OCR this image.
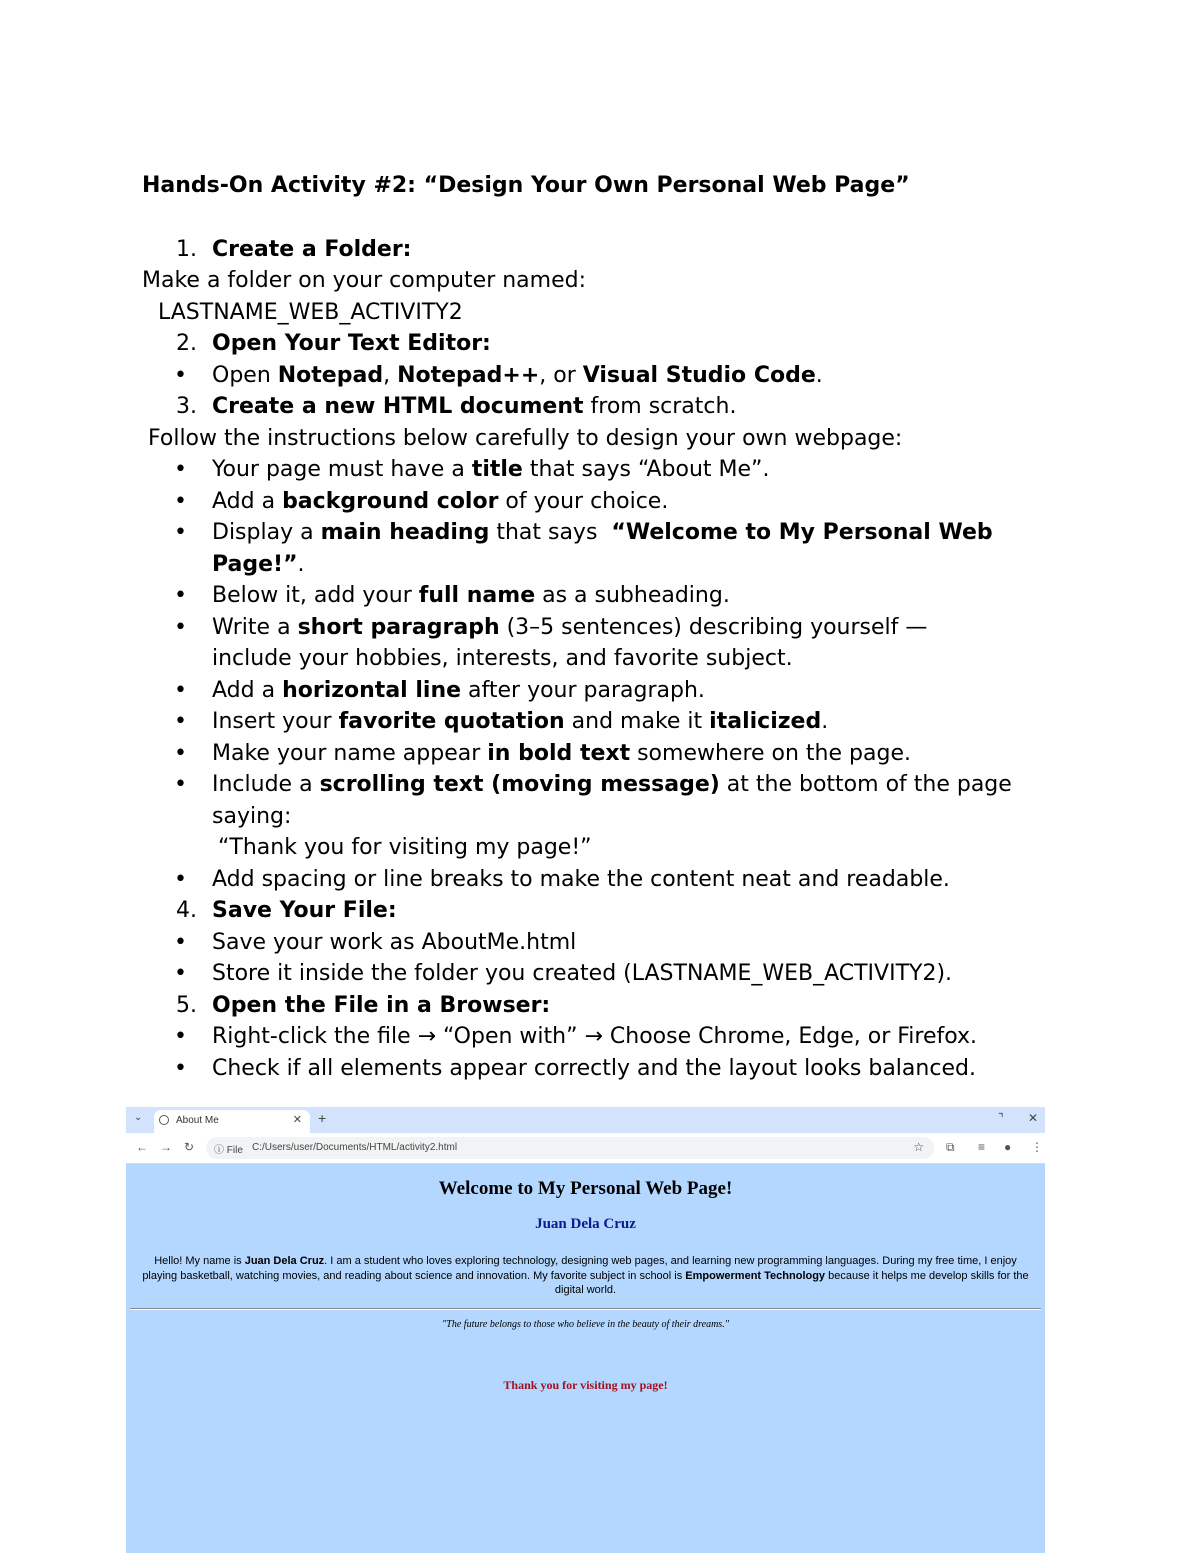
Hands-On Activity #2: “Design Your Own Personal Web Page”
1. Create a Folder:
Make a folder on your computer named:
LASTNAME_WEB_ACTIVITY2
2. Open Your Text Editor:
• Open Notepad, Notepad++, or Visual Studio Code.
3. Create a new HTML document from scratch.
Follow the instructions below carefully to design your own webpage:
• Your page must have a title that says “About Me”.
• Add a background color of your choice.
• Display a main heading that says  “Welcome to My Personal Web Page!”.
• Below it, add your full name as a subheading.
• Write a short paragraph (3–5 sentences) describing yourself — include your hobbies, interests, and favorite subject.
• Add a horizontal line after your paragraph.
• Insert your favorite quotation and make it italicized.
• Make your name appear in bold text somewhere on the page.
• Include a scrolling text (moving message) at the bottom of the page saying:
“Thank you for visiting my page!”
• Add spacing or line breaks to make the content neat and readable.
4. Save Your File:
• Save your work as AboutMe.html
• Store it inside the folder you created (LASTNAME_WEB_ACTIVITY2).
5. Open the File in a Browser:
• Right-click the file → “Open with” → Choose Chrome, Edge, or Firefox.
• Check if all elements appear correctly and the layout looks balanced.
⌄	About Me	✕ +	⌝ ✕
← → ↻ ⓘ File C:/Users/user/Documents/HTML/activity2.html	☆ ⧉ ≡ ● ⋮
Welcome to My Personal Web Page!
Juan Dela Cruz
Hello! My name is Juan Dela Cruz. I am a student who loves exploring technology, designing web pages, and learning new programming languages. During my free time, I enjoy playing basketball, watching movies, and reading about science and innovation. My favorite subject in school is Empowerment Technology because it helps me develop skills for the digital world.
"The future belongs to those who believe in the beauty of their dreams."
Thank you for visiting my page!
